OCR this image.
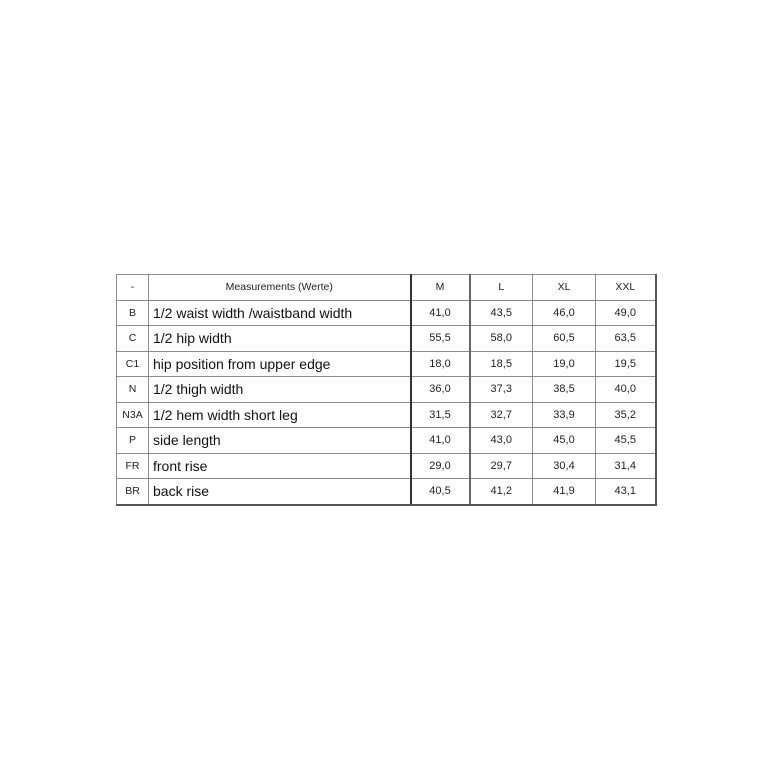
-	Measurements (Werte)	M	L	XL	XXL
B	1/2 waist width /waistband width	41,0	43,5	46,0	49,0
C	1/2 hip width	55,5	58,0	60,5	63,5
C1	hip position from upper edge	18,0	18,5	19,0	19,5
N	1/2 thigh width	36,0	37,3	38,5	40,0
N3A	1/2 hem width short leg	31,5	32,7	33,9	35,2
P	side length	41,0	43,0	45,0	45,5
FR	front rise	29,0	29,7	30,4	31,4
BR	back rise	40,5	41,2	41,9	43,1
